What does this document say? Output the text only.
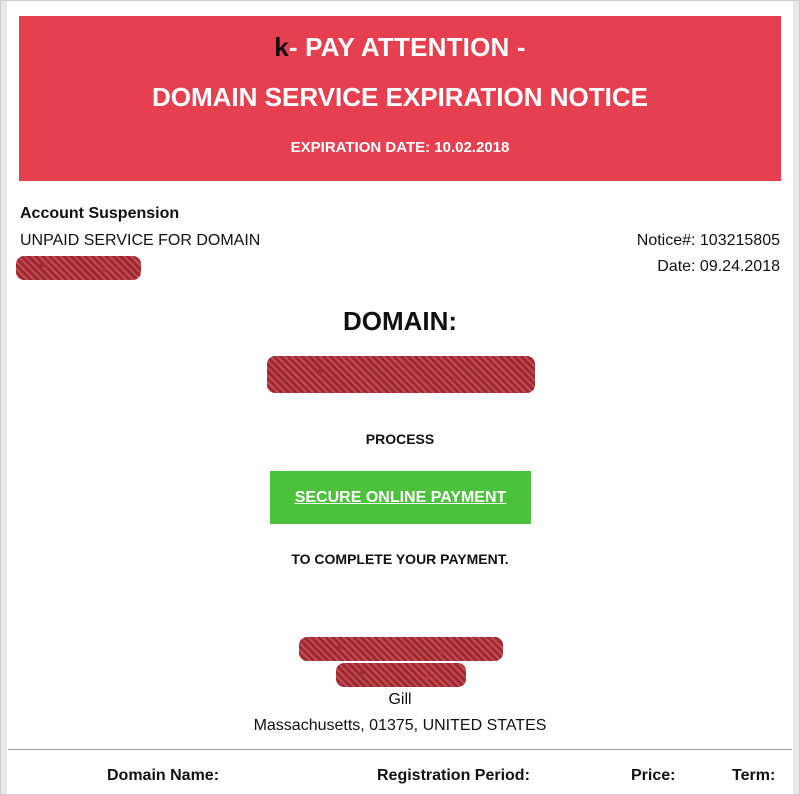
k- PAY ATTENTION -
DOMAIN SERVICE EXPIRATION NOTICE
EXPIRATION DATE: 10.02.2018
Account Suspension
UNPAID SERVICE FOR DOMAIN	Notice#: 103215805
Date: 09.24.2018
DOMAIN:
PROCESS
SECURE ONLINE PAYMENT
TO COMPLETE YOUR PAYMENT.
Gill
Massachusetts, 01375, UNITED STATES
Domain Name:	Registration Period:	Price:	Term:
